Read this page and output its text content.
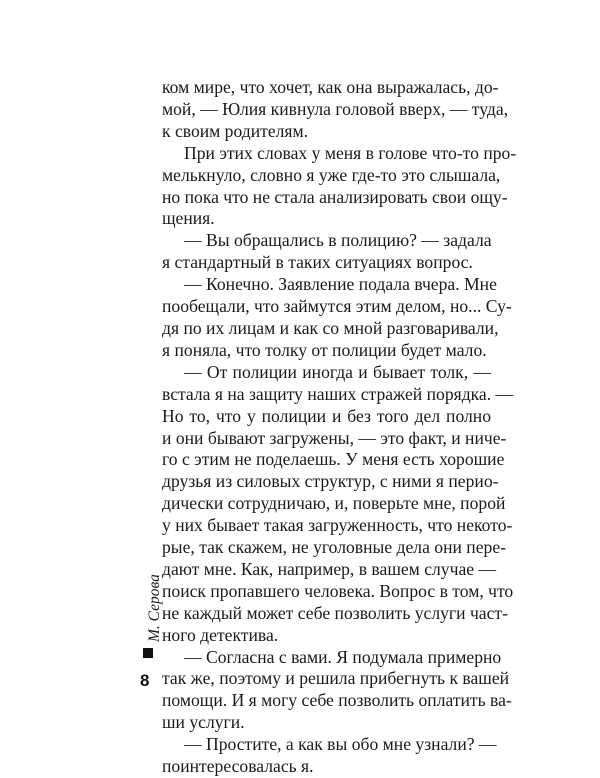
ком мире, что хочет, как она выражалась, до-
мой, — Юлия кивнула головой вверх, — туда,
к своим родителям.
При этих словах у меня в голове что-то про-
мелькнуло, словно я уже где-то это слышала,
но пока что не стала анализировать свои ощу-
щения.
— Вы обращались в полицию? — задала
я стандартный в таких ситуациях вопрос.
— Конечно. Заявление подала вчера. Мне
пообещали, что займутся этим делом, но... Су-
дя по их лицам и как со мной разговаривали,
я поняла, что толку от полиции будет мало.
— От полиции иногда и бывает толк, —
встала я на защиту наших стражей порядка. —
Но то, что у полиции и без того дел полно
и они бывают загружены, — это факт, и ниче-
го с этим не поделаешь. У меня есть хорошие
друзья из силовых структур, с ними я перио-
дически сотрудничаю, и, поверьте мне, порой
у них бывает такая загруженность, что некото-
рые, так скажем, не уголовные дела они пере-
дают мне. Как, например, в вашем случае —
поиск пропавшего человека. Вопрос в том, что
не каждый может себе позволить услуги част-
ного детектива.
— Согласна с вами. Я подумала примерно
так же, поэтому и решила прибегнуть к вашей
помощи. И я могу себе позволить оплатить ва-
ши услуги.
— Простите, а как вы обо мне узнали? —
поинтересовалась я.
М. Серова
8
